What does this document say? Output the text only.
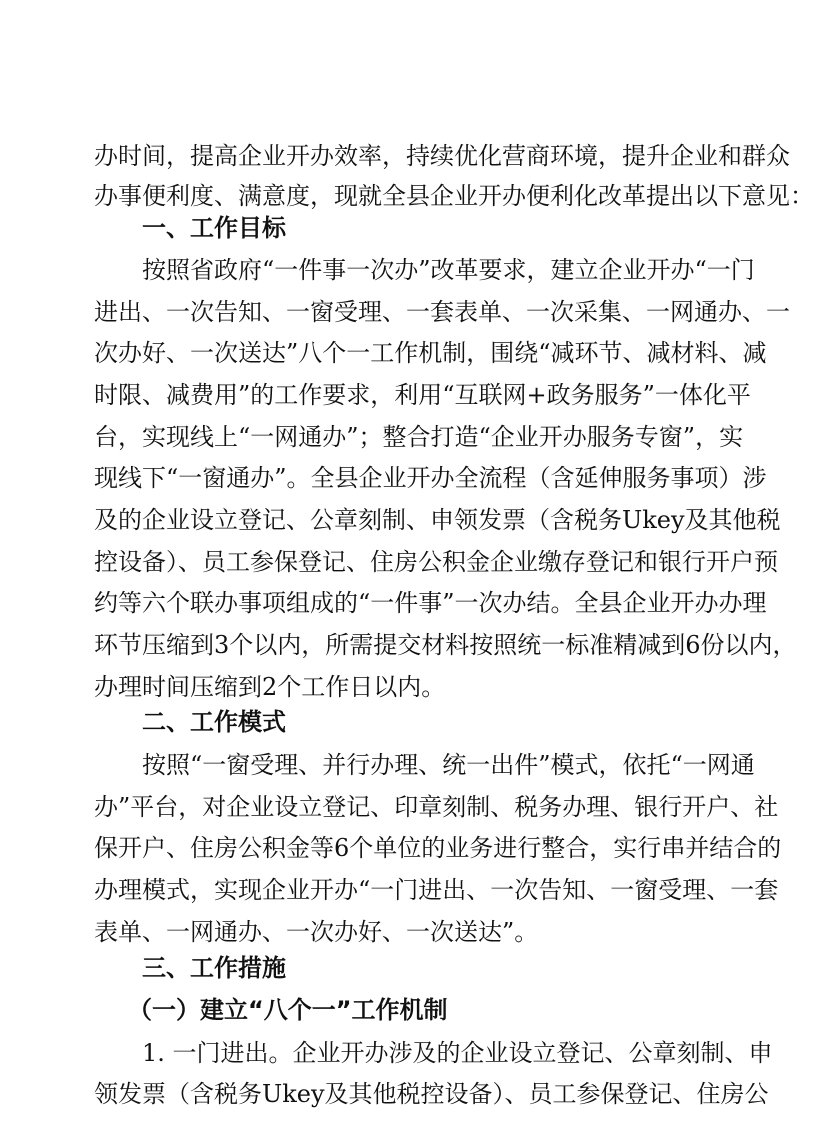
办时间，提高企业开办效率，持续优化营商环境，提升企业和群众
办事便利度、满意度，现就全县企业开办便利化改革提出以下意见：
一、工作目标
按照省政府“一件事一次办”改革要求，建立企业开办“一门
进出、一次告知、一窗受理、一套表单、一次采集、一网通办、一
次办好、一次送达”八个一工作机制，围绕“减环节、减材料、减
时限、减费用”的工作要求，利用“互联网+政务服务”一体化平
台，实现线上“一网通办”；整合打造“企业开办服务专窗”，实
现线下“一窗通办”。全县企业开办全流程（含延伸服务事项）涉
及的企业设立登记、公章刻制、申领发票（含税务Ukey及其他税
控设备）、员工参保登记、住房公积金企业缴存登记和银行开户预
约等六个联办事项组成的“一件事”一次办结。全县企业开办办理
环节压缩到3个以内，所需提交材料按照统一标准精减到6份以内，
办理时间压缩到2个工作日以内。
二、工作模式
按照“一窗受理、并行办理、统一出件”模式，依托“一网通
办”平台，对企业设立登记、印章刻制、税务办理、银行开户、社
保开户、住房公积金等6个单位的业务进行整合，实行串并结合的
办理模式，实现企业开办“一门进出、一次告知、一窗受理、一套
表单、一网通办、一次办好、一次送达”。
三、工作措施
（一）建立“八个一”工作机制
1. 一门进出。企业开办涉及的企业设立登记、公章刻制、申
领发票（含税务Ukey及其他税控设备）、员工参保登记、住房公
